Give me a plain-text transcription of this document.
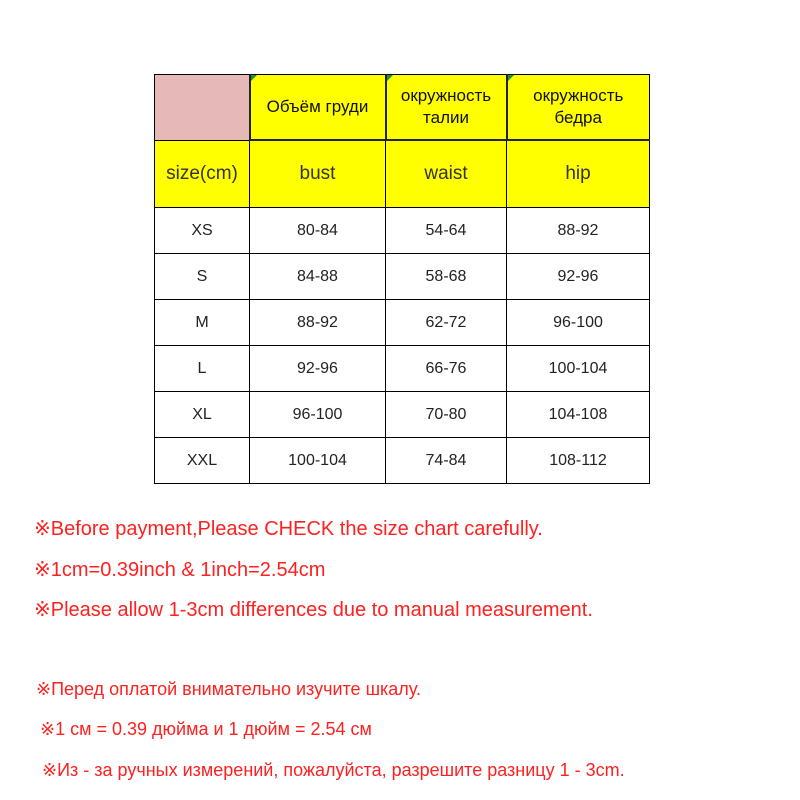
	Объём груди	окружность талии	окружность бедра
size(cm)	bust	waist	hip
XS	80-84	54-64	88-92
S	84-88	58-68	92-96
M	88-92	62-72	96-100
L	92-96	66-76	100-104
XL	96-100	70-80	104-108
XXL	100-104	74-84	108-112
※Before payment,Please CHECK the size chart carefully.
※1cm=0.39inch & 1inch=2.54cm
※Please allow 1-3cm differences due to manual measurement.
※Перед оплатой внимательно изучите шкалу.
※1 см = 0.39 дюйма и 1 дюйм = 2.54 см
※Из - за ручных измерений, пожалуйста, разрешите разницу 1 - 3cm.
